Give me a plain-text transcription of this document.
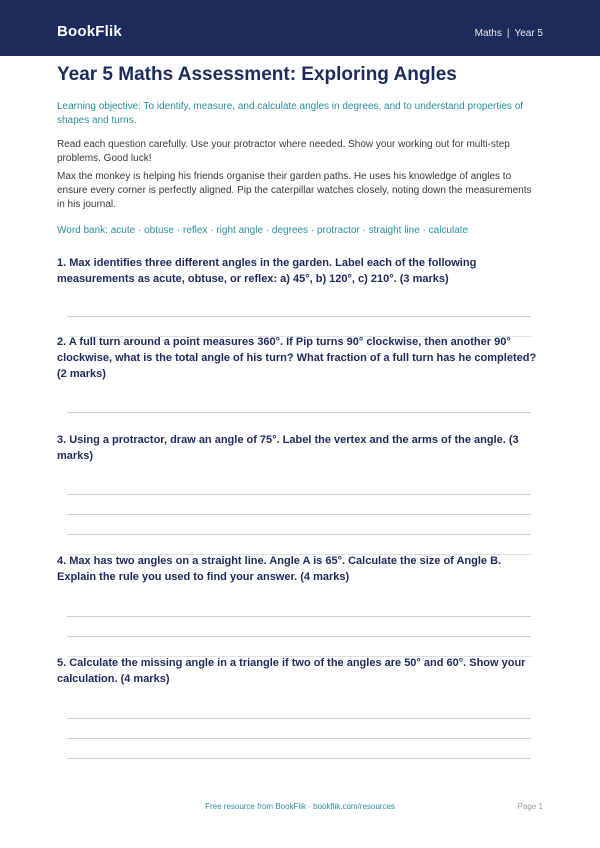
BookFlik	Maths | Year 5
Year 5 Maths Assessment: Exploring Angles
Learning objective: To identify, measure, and calculate angles in degrees, and to understand properties of shapes and turns.
Read each question carefully. Use your protractor where needed. Show your working out for multi-step problems. Good luck!
Max the monkey is helping his friends organise their garden paths. He uses his knowledge of angles to ensure every corner is perfectly aligned. Pip the caterpillar watches closely, noting down the measurements in his journal.
Word bank: acute · obtuse · reflex · right angle · degrees · protractor · straight line · calculate

1. Max identifies three different angles in the garden. Label each of the following measurements as acute, obtuse, or reflex: a) 45°, b) 120°, c) 210°. (3 marks)

2. A full turn around a point measures 360°. If Pip turns 90° clockwise, then another 90° clockwise, what is the total angle of his turn? What fraction of a full turn has he completed? (2 marks)

3. Using a protractor, draw an angle of 75°. Label the vertex and the arms of the angle. (3 marks)

4. Max has two angles on a straight line. Angle A is 65°. Calculate the size of Angle B. Explain the rule you used to find your answer. (4 marks)

5. Calculate the missing angle in a triangle if two of the angles are 50° and 60°. Show your calculation. (4 marks)

Free resource from BookFlik · bookflik.com/resources	Page 1
